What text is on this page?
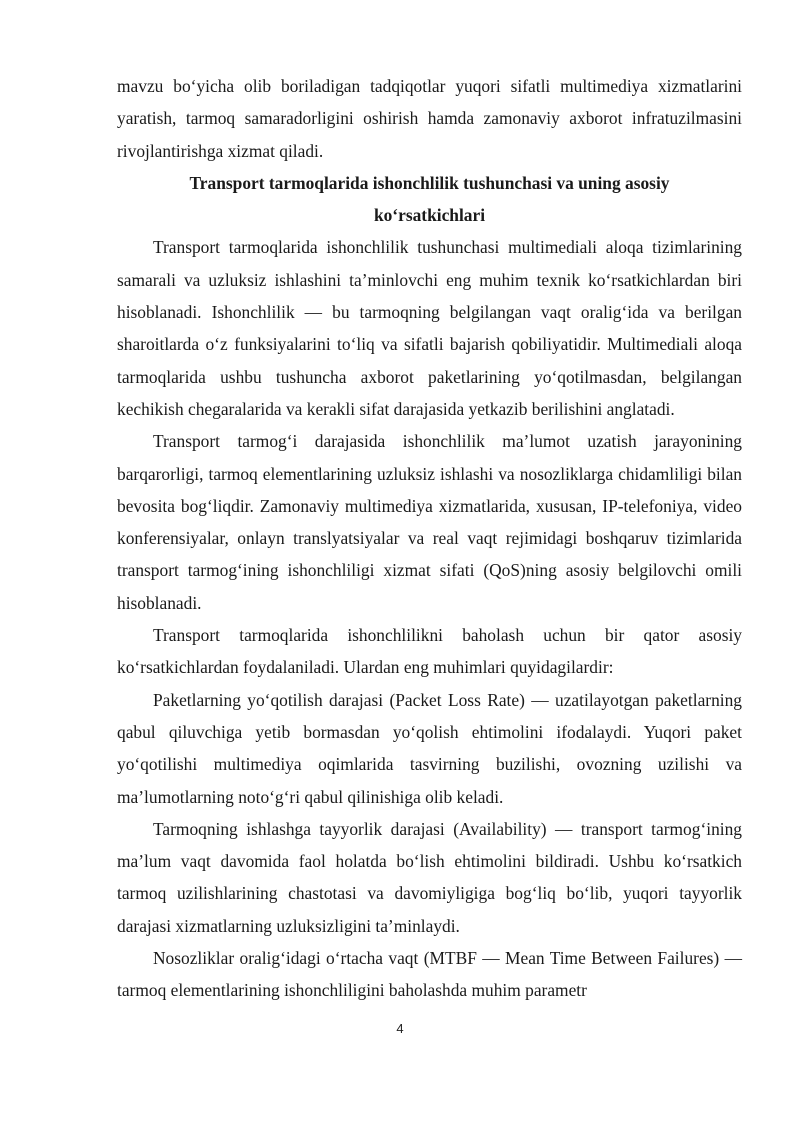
mavzu bo‘yicha olib boriladigan tadqiqotlar yuqori sifatli multimediya xizmatlarini yaratish, tarmoq samaradorligini oshirish hamda zamonaviy axborot infratuzilmasini rivojlantirishga xizmat qiladi.

Transport tarmoqlarida ishonchlilik tushunchasi va uning asosiy
ko‘rsatkichlari

Transport tarmoqlarida ishonchlilik tushunchasi multimediali aloqa tizimlarining samarali va uzluksiz ishlashini ta’minlovchi eng muhim texnik ko‘rsatkichlardan biri hisoblanadi. Ishonchlilik — bu tarmoqning belgilangan vaqt oralig‘ida va berilgan sharoitlarda o‘z funksiyalarini to‘liq va sifatli bajarish qobiliyatidir. Multimediali aloqa tarmoqlarida ushbu tushuncha axborot paketlarining yo‘qotilmasdan, belgilangan kechikish chegaralarida va kerakli sifat darajasida yetkazib berilishini anglatadi.

Transport tarmog‘i darajasida ishonchlilik ma’lumot uzatish jarayonining barqarorligi, tarmoq elementlarining uzluksiz ishlashi va nosozliklarga chidamliligi bilan bevosita bog‘liqdir. Zamonaviy multimediya xizmatlarida, xususan, IP-telefoniya, video konferensiyalar, onlayn translyatsiyalar va real vaqt rejimidagi boshqaruv tizimlarida transport tarmog‘ining ishonchliligi xizmat sifati (QoS)ning asosiy belgilovchi omili hisoblanadi.

Transport tarmoqlarida ishonchlilikni baholash uchun bir qator asosiy ko‘rsatkichlardan foydalaniladi. Ulardan eng muhimlari quyidagilardir:

Paketlarning yo‘qotilish darajasi (Packet Loss Rate) — uzatilayotgan paketlarning qabul qiluvchiga yetib bormasdan yo‘qolish ehtimolini ifodalaydi. Yuqori paket yo‘qotilishi multimediya oqimlarida tasvirning buzilishi, ovozning uzilishi va ma’lumotlarning noto‘g‘ri qabul qilinishiga olib keladi.

Tarmoqning ishlashga tayyorlik darajasi (Availability) — transport tarmog‘ining ma’lum vaqt davomida faol holatda bo‘lish ehtimolini bildiradi. Ushbu ko‘rsatkich tarmoq uzilishlarining chastotasi va davomiyligiga bog‘liq bo‘lib, yuqori tayyorlik darajasi xizmatlarning uzluksizligini ta’minlaydi.

Nosozliklar oralig‘idagi o‘rtacha vaqt (MTBF — Mean Time Between Failures) — tarmoq elementlarining ishonchliligini baholashda muhim parametr

4
